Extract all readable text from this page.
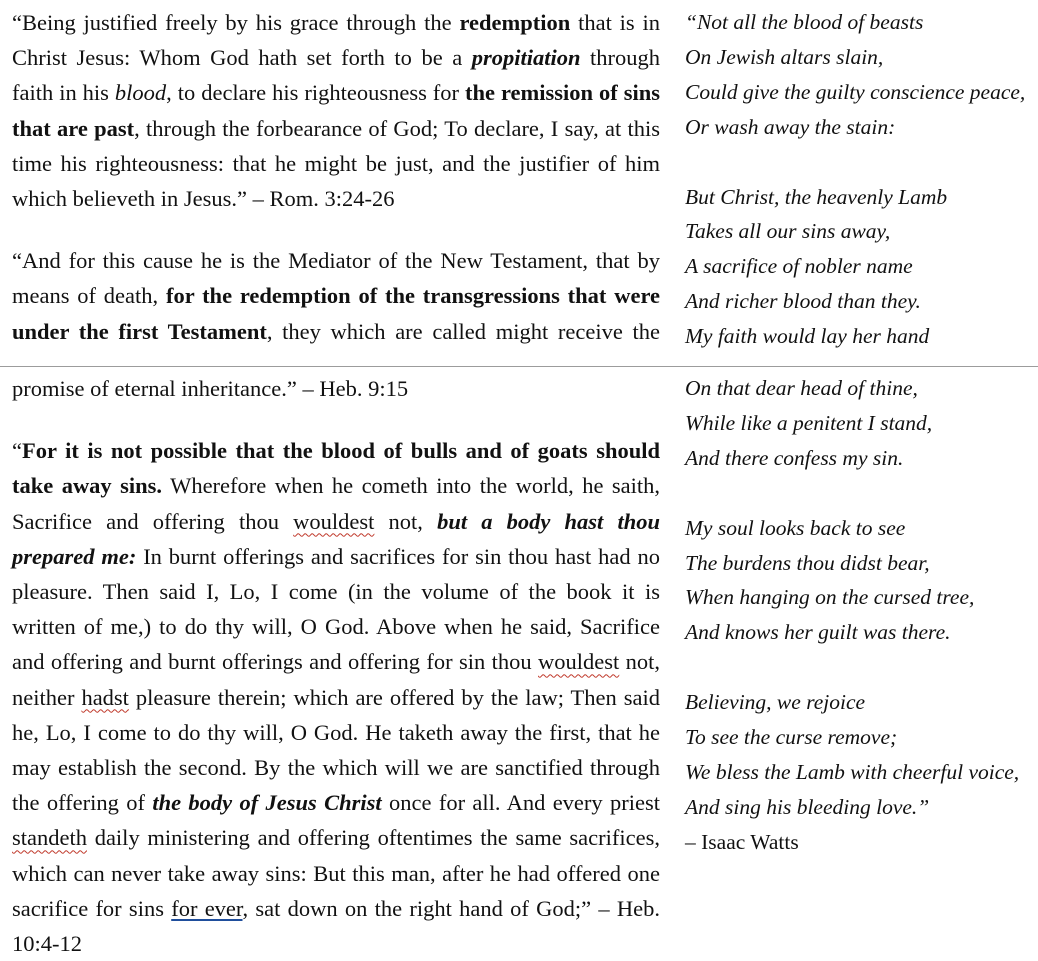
“Being justified freely by his grace through the redemption that is in Christ Jesus: Whom God hath set forth to be a propitiation through faith in his blood, to declare his righteousness for the remission of sins that are past, through the forbearance of God; To declare, I say, at this time his righteousness: that he might be just, and the justifier of him which believeth in Jesus.” – Rom. 3:24-26

“And for this cause he is the Mediator of the New Testament, that by means of death, for the redemption of the transgressions that were under the first Testament, they which are called might receive the

“Not all the blood of beasts
On Jewish altars slain,
Could give the guilty conscience peace,
Or wash away the stain:
But Christ, the heavenly Lamb
Takes all our sins away,
A sacrifice of nobler name
And richer blood than they.
My faith would lay her hand

promise of eternal inheritance.” – Heb. 9:15

“For it is not possible that the blood of bulls and of goats should take away sins. Wherefore when he cometh into the world, he saith, Sacrifice and offering thou wouldest not, but a body hast thou prepared me: In burnt offerings and sacrifices for sin thou hast had no pleasure. Then said I, Lo, I come (in the volume of the book it is written of me,) to do thy will, O God. Above when he said, Sacrifice and offering and burnt offerings and offering for sin thou wouldest not, neither hadst pleasure therein; which are offered by the law; Then said he, Lo, I come to do thy will, O God. He taketh away the first, that he may establish the second. By the which will we are sanctified through the offering of the body of Jesus Christ once for all. And every priest standeth daily ministering and offering oftentimes the same sacrifices, which can never take away sins: But this man, after he had offered one sacrifice for sins for ever, sat down on the right hand of God;” – Heb. 10:4-12

On that dear head of thine,
While like a penitent I stand,
And there confess my sin.
My soul looks back to see
The burdens thou didst bear,
When hanging on the cursed tree,
And knows her guilt was there.
Believing, we rejoice
To see the curse remove;
We bless the Lamb with cheerful voice,
And sing his bleeding love.”
– Isaac Watts
